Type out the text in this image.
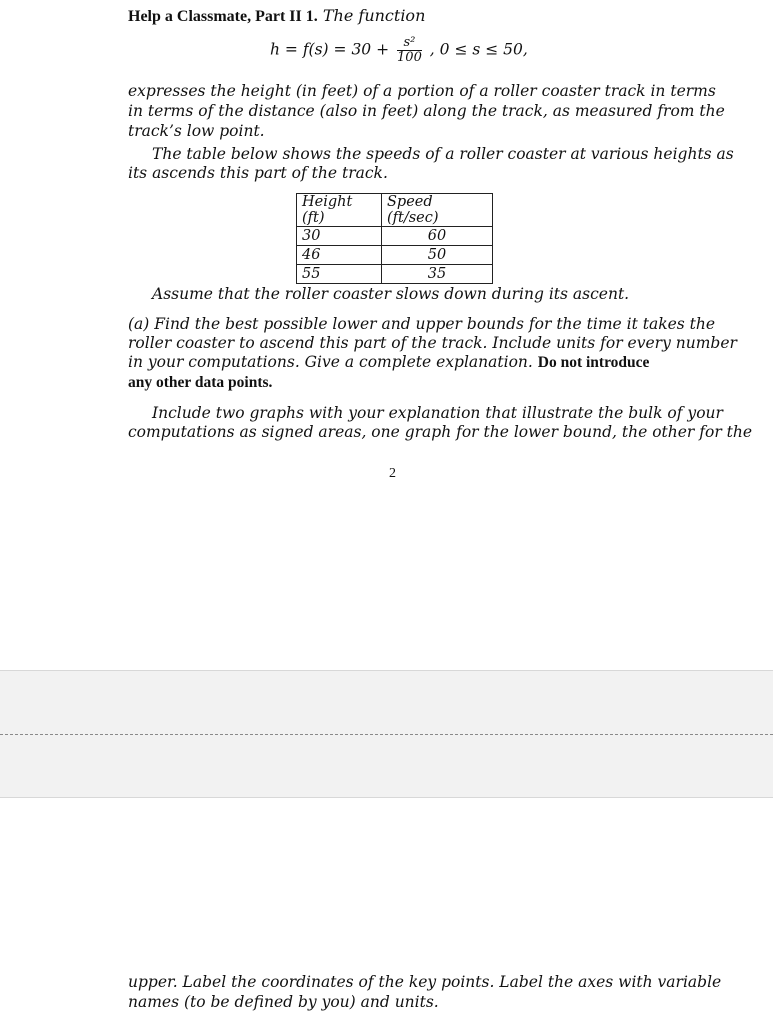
Help a Classmate, Part II 1. The function
$h = f(s) = 30 + \frac{\text{s²}}{100}$ , 0 ≤ s ≤ 50,
expresses the height (in feet) of a portion of a roller coaster track in terms
in terms of the distance (also in feet) along the track, as measured from the
track’s low point.
The table below shows the speeds of a roller coaster at various heights as
its ascends this part of the track.
Height (ft)	Speed (ft/sec)
30	60
46	50
55	35
Assume that the roller coaster slows down during its ascent.
(a) Find the best possible lower and upper bounds for the time it takes the
roller coaster to ascend this part of the track. Include units for every number
in your computations. Give a complete explanation. Do not introduce
any other data points.
Include two graphs with your explanation that illustrate the bulk of your
computations as signed areas, one graph for the lower bound, the other for the
2
upper. Label the coordinates of the key points. Label the axes with variable
names (to be defined by you) and units.
